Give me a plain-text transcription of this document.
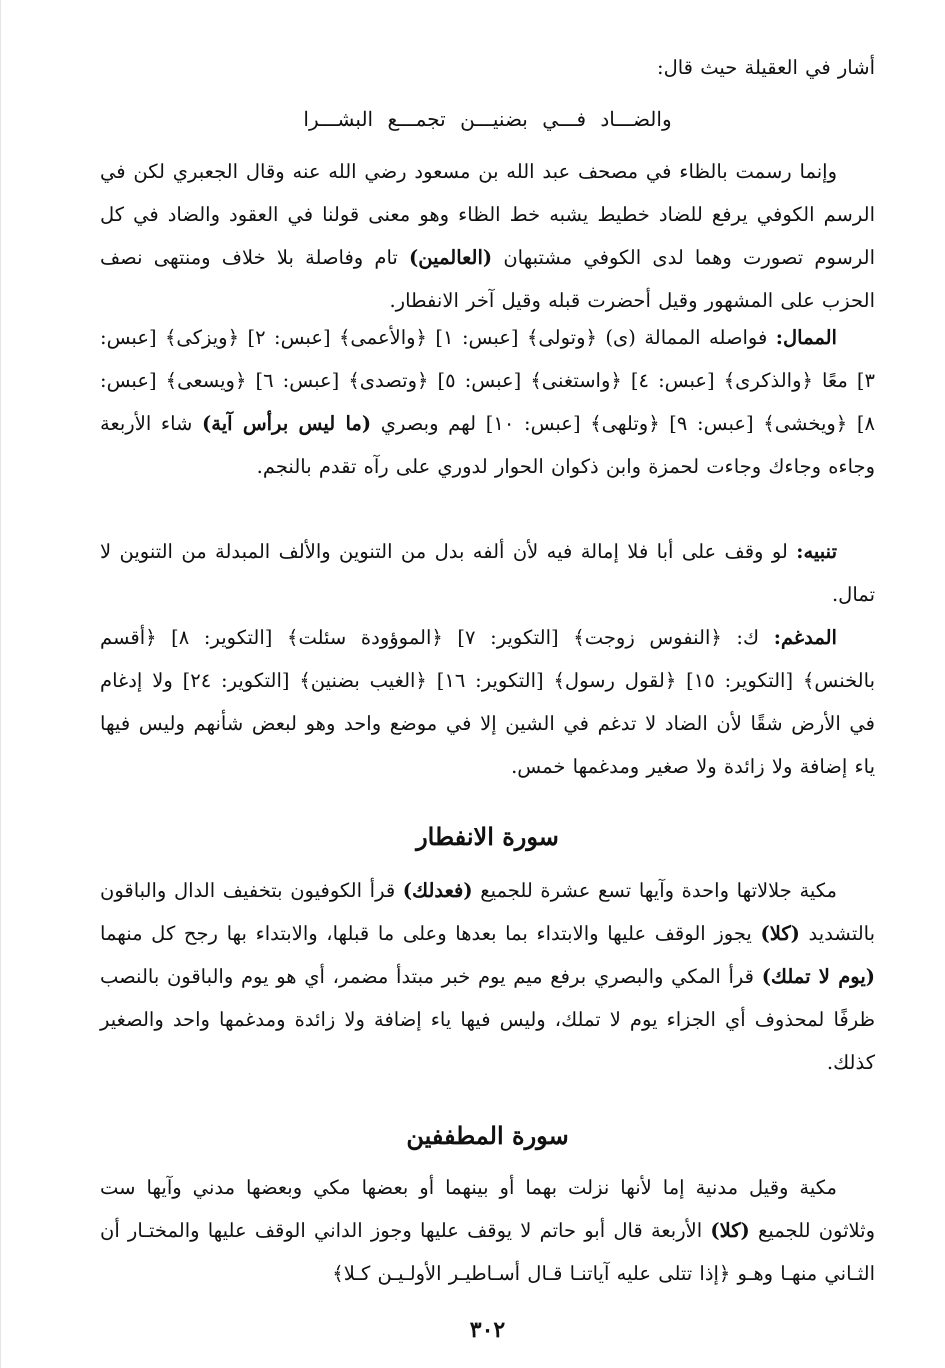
أشار في العقيلة حيث قال:
والضـــاد فـــي بضنيـــن تجمـــع البشـــرا
وإنما رسمت بالظاء في مصحف عبد الله بن مسعود رضي الله عنه وقال الجعبري لكن في الرسم الكوفي يرفع للضاد خطيط يشبه خط الظاء وهو معنى قولنا في العقود والضاد في كل الرسوم تصورت وهما لدى الكوفي مشتبهان (العالمين) تام وفاصلة بلا خلاف ومنتهى نصف الحزب على المشهور وقيل أحضرت قبله وقيل آخر الانفطار.
الممال: فواصله الممالة (ى) ﴿وتولى﴾ [عبس: ١] ﴿والأعمى﴾ [عبس: ٢] ﴿ويزكى﴾ [عبس: ٣] معًا ﴿والذكرى﴾ [عبس: ٤] ﴿واستغنى﴾ [عبس: ٥] ﴿وتصدى﴾ [عبس: ٦] ﴿ويسعى﴾ [عبس: ٨] ﴿ويخشى﴾ [عبس: ٩] ﴿وتلهى﴾ [عبس: ١٠] لهم وبصري (ما ليس برأس آية) شاء الأربعة وجاءه وجاءك وجاءت لحمزة وابن ذكوان الحوار لدوري على رآه تقدم بالنجم.
تنبيه: لو وقف على أبا فلا إمالة فيه لأن ألفه بدل من التنوين والألف المبدلة من التنوين لا تمال.
المدغم: ك: ﴿النفوس زوجت﴾ [التكوير: ٧] ﴿الموؤودة سئلت﴾ [التكوير: ٨] ﴿أقسم بالخنس﴾ [التكوير: ١٥] ﴿لقول رسول﴾ [التكوير: ١٦] ﴿الغيب بضنين﴾ [التكوير: ٢٤] ولا إدغام في الأرض شقًا لأن الضاد لا تدغم في الشين إلا في موضع واحد وهو لبعض شأنهم وليس فيها ياء إضافة ولا زائدة ولا صغير ومدغمها خمس.
سورة الانفطار
مكية جلالاتها واحدة وآيها تسع عشرة للجميع (فعدلك) قرأ الكوفيون بتخفيف الدال والباقون بالتشديد (كلا) يجوز الوقف عليها والابتداء بما بعدها وعلى ما قبلها، والابتداء بها رجح كل منهما (يوم لا تملك) قرأ المكي والبصري برفع ميم يوم خبر مبتدأ مضمر، أي هو يوم والباقون بالنصب ظرفًا لمحذوف أي الجزاء يوم لا تملك، وليس فيها ياء إضافة ولا زائدة ومدغمها واحد والصغير كذلك.
سورة المطففين
مكية وقيل مدنية إما لأنها نزلت بهما أو بينهما أو بعضها مكي وبعضها مدني وآيها ست وثلاثون للجميع (كلا) الأربعة قال أبو حاتم لا يوقف عليها وجوز الداني الوقف عليها والمختـار أن الثـاني منهـا وهـو ﴿إذا تتلى عليه آياتنـا قـال أسـاطيـر الأولـيـن كـلا﴾
٣٠٢
